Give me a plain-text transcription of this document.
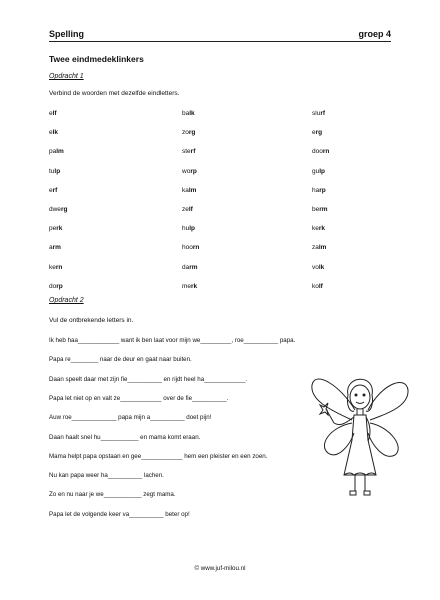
Spelling	groep 4
Twee eindmedeklinkers
Opdracht 1
Verbind de woorden met dezelfde eindletters.
elf
elk
palm
tulp
erf
dwerg
perk
arm
kern
dorp
balk
zorg
sterf
worp
kalm
zelf
hulp
hoorn
darm
merk
slurf
erg
doorn
gulp
harp
berm
kerk
zalm
volk
kolf
Opdracht 2
Vul de ontbrekende letters in.
Ik heb haa____________ want ik ben laat voor mijn we_________, roe__________ papa.
Papa re________ naar de deur en gaat naar buiten.
Daan speelt daar met zijn fie__________ en rijdt heel ha____________.
Papa let niet op en valt ze____________ over de fie__________.
Auw roe_____________ papa mijn a__________ doet pijn!
Daan haalt snel hu___________ en mama komt eraan.
Mama helpt papa opstaan en gee____________ hem een pleister en een zoen.
Nu kan papa weer ha__________ lachen.
Zo en nu naar je we___________ zegt mama.
Papa let de volgende keer va__________ beter op!
© www.juf-milou.nl
